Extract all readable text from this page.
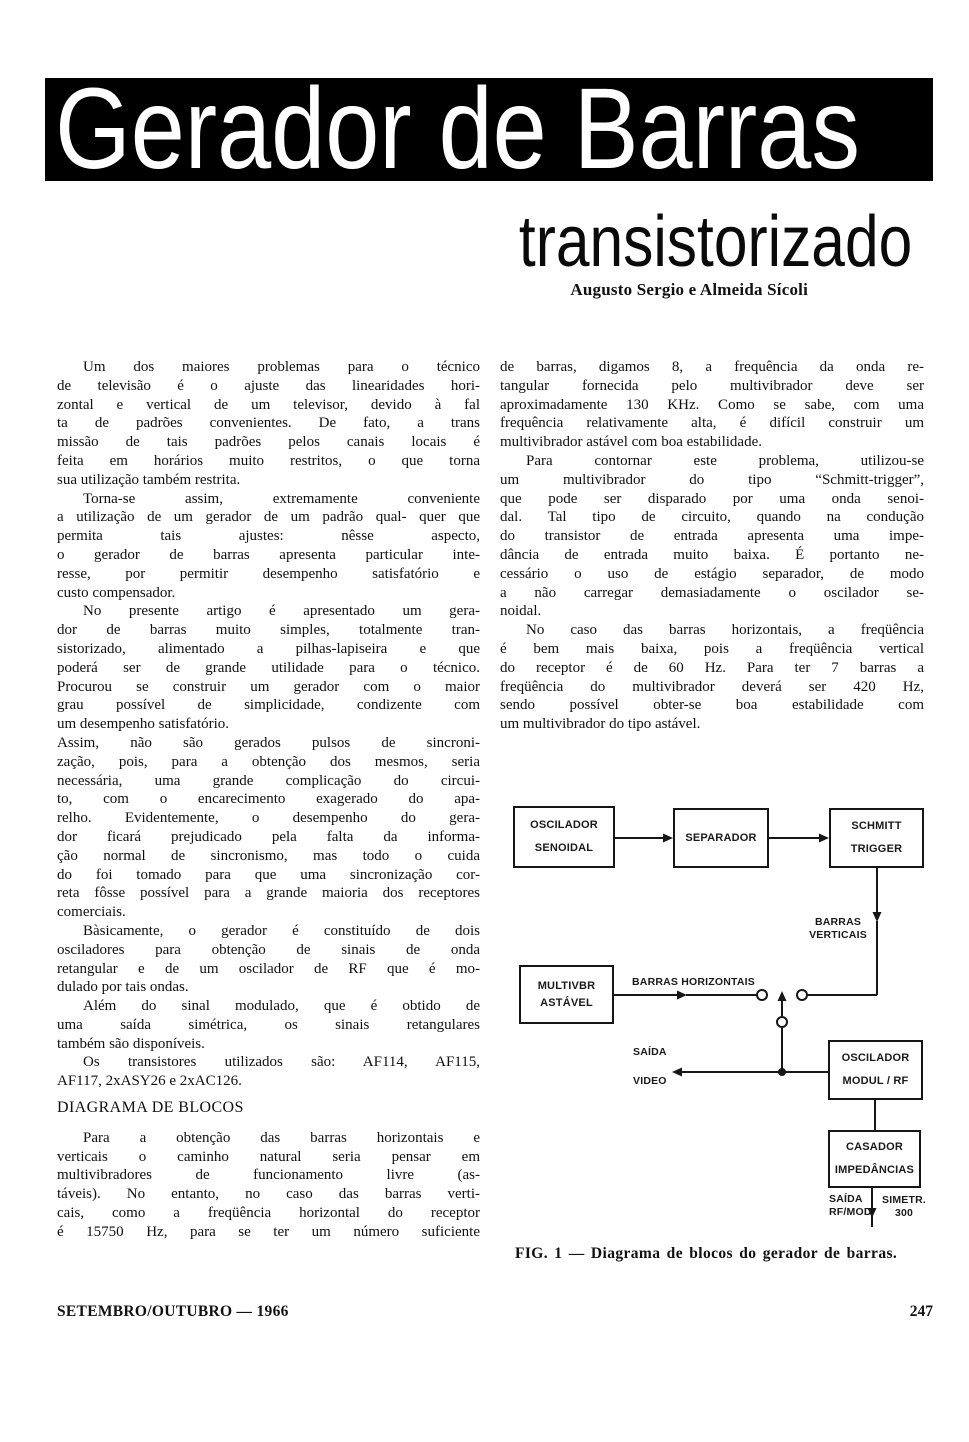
Gerador de Barras
transistorizado
Augusto Sergio e Almeida Sícoli
Um dos maiores problemas para o técnico
de televisão é o ajuste das linearidades hori-
zontal e vertical de um televisor, devido à fal
ta de padrões convenientes. De fato, a trans
missão de tais padrões pelos canais locais é
feita em horários muito restritos, o que torna
sua utilização também restrita.
Torna-se assim, extremamente conveniente
a utilização de um gerador de um padrão qual- quer que
permita tais ajustes: nêsse aspecto,
o gerador de barras apresenta particular inte-
resse, por permitir desempenho satisfatório e
custo compensador.
No presente artigo é apresentado um gera-
dor de barras muito simples, totalmente tran-
sistorizado, alimentado a pilhas-lapiseira e que
poderá ser de grande utilidade para o técnico.
Procurou se construir um gerador com o maior
grau possível de simplicidade, condizente com
um desempenho satisfatório.
Assim, não são gerados pulsos de sincroni-
zação, pois, para a obtenção dos mesmos, seria
necessária, uma grande complicação do circui-
to, com o encarecimento exagerado do apa-
relho. Evidentemente, o desempenho do gera-
dor ficará prejudicado pela falta da informa-
ção normal de sincronismo, mas todo o cuida
do foi tomado para que uma sincronização cor-
reta fôsse possível para a grande maioria dos receptores
comerciais.
Bàsicamente, o gerador é constituído de dois
osciladores para obtenção de sinais de onda
retangular e de um oscilador de RF que é mo-
dulado por tais ondas.
Além do sinal modulado, que é obtido de
uma saída simétrica, os sinais retangulares
também são disponíveis.
Os transistores utilizados são: AF114, AF115,
AF117, 2xASY26 e 2xAC126.
DIAGRAMA DE BLOCOS
Para a obtenção das barras horizontais e
verticais o caminho natural seria pensar em
multivibradores de funcionamento livre (as-
táveis). No entanto, no caso das barras verti-
cais, como a freqüência horizontal do receptor
é 15750 Hz, para se ter um número suficiente
de barras, digamos 8, a frequência da onda re-
tangular fornecida pelo multivibrador deve ser
aproximadamente 130 KHz. Como se sabe, com uma
frequência relativamente alta, é difícil construir um
multivibrador astável com boa estabilidade.
Para contornar este problema, utilizou-se
um multivibrador do tipo “Schmitt-trigger”,
que pode ser disparado por uma onda senoi-
dal. Tal tipo de circuito, quando na condução
do transistor de entrada apresenta uma impe-
dância de entrada muito baixa. É portanto ne-
cessário o uso de estágio separador, de modo
a não carregar demasiadamente o oscilador se-
noidal.
No caso das barras horizontais, a freqüência
é bem mais baixa, pois a freqüência vertical
do receptor é de 60 Hz. Para ter 7 barras a
freqüência do multivibrador deverá ser 420 Hz,
sendo possível obter-se boa estabilidade com
um multivibrador do tipo astável.
OSCILADOR
SENOIDAL
SEPARADOR
SCHMITT
TRIGGER
MULTIVBR
ASTÁVEL
OSCILADOR
MODUL / RF
CASADOR
IMPEDÂNCIAS
BARRAS
VERTICAIS
BARRAS HORIZONTAIS
SAÍDA
VIDEO
SAÍDA
RF/MOD
SIMETR.
300
FIG. 1 — Diagrama de blocos do gerador de barras.
SETEMBRO/OUTUBRO — 1966	247
